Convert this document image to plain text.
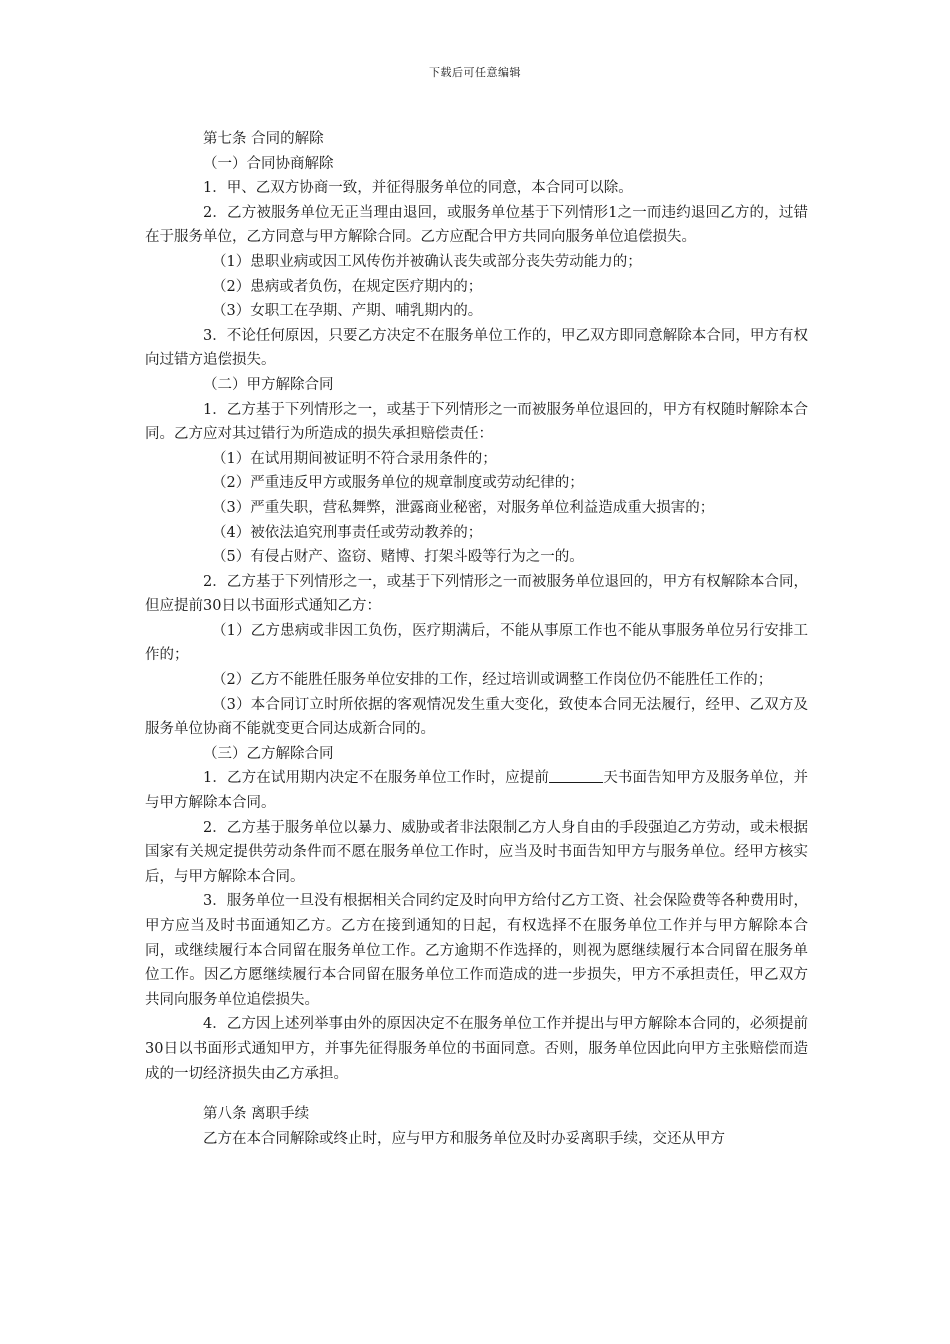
下载后可任意编辑

第七条 合同的解除

（一）合同协商解除

1．甲、乙双方协商一致，并征得服务单位的同意，本合同可以除。

2．乙方被服务单位无正当理由退回，或服务单位基于下列情形1之一而违约退回乙方的，过错在于服务单位，乙方同意与甲方解除合同。乙方应配合甲方共同向服务单位追偿损失。

（1）患职业病或因工风传伤并被确认丧失或部分丧失劳动能力的；

（2）患病或者负伤，在规定医疗期内的；

（3）女职工在孕期、产期、哺乳期内的。

3．不论任何原因，只要乙方决定不在服务单位工作的，甲乙双方即同意解除本合同，甲方有权向过错方追偿损失。

（二）甲方解除合同

1．乙方基于下列情形之一，或基于下列情形之一而被服务单位退回的，甲方有权随时解除本合同。乙方应对其过错行为所造成的损失承担赔偿责任：

（1）在试用期间被证明不符合录用条件的；

（2）严重违反甲方或服务单位的规章制度或劳动纪律的；

（3）严重失职，营私舞弊，泄露商业秘密，对服务单位利益造成重大损害的；

（4）被依法追究刑事责任或劳动教养的；

（5）有侵占财产、盗窃、赌博、打架斗殴等行为之一的。

2．乙方基于下列情形之一，或基于下列情形之一而被服务单位退回的，甲方有权解除本合同，但应提前30日以书面形式通知乙方：

（1）乙方患病或非因工负伤，医疗期满后，不能从事原工作也不能从事服务单位另行安排工作的；

（2）乙方不能胜任服务单位安排的工作，经过培训或调整工作岗位仍不能胜任工作的；

（3）本合同订立时所依据的客观情况发生重大变化，致使本合同无法履行，经甲、乙双方及服务单位协商不能就变更合同达成新合同的。

（三）乙方解除合同

1．乙方在试用期内决定不在服务单位工作时，应提前	天书面告知甲方及服务单位，并与甲方解除本合同。

2．乙方基于服务单位以暴力、威胁或者非法限制乙方人身自由的手段强迫乙方劳动，或未根据国家有关规定提供劳动条件而不愿在服务单位工作时，应当及时书面告知甲方与服务单位。经甲方核实后，与甲方解除本合同。

3．服务单位一旦没有根据相关合同约定及时向甲方给付乙方工资、社会保险费等各种费用时，甲方应当及时书面通知乙方。乙方在接到通知的日起，有权选择不在服务单位工作并与甲方解除本合同，或继续履行本合同留在服务单位工作。乙方逾期不作选择的，则视为愿继续履行本合同留在服务单位工作。因乙方愿继续履行本合同留在服务单位工作而造成的进一步损失，甲方不承担责任，甲乙双方共同向服务单位追偿损失。

4．乙方因上述列举事由外的原因决定不在服务单位工作并提出与甲方解除本合同的，必须提前30日以书面形式通知甲方，并事先征得服务单位的书面同意。否则，服务单位因此向甲方主张赔偿而造成的一切经济损失由乙方承担。

第八条 离职手续

乙方在本合同解除或终止时，应与甲方和服务单位及时办妥离职手续，交还从甲方
